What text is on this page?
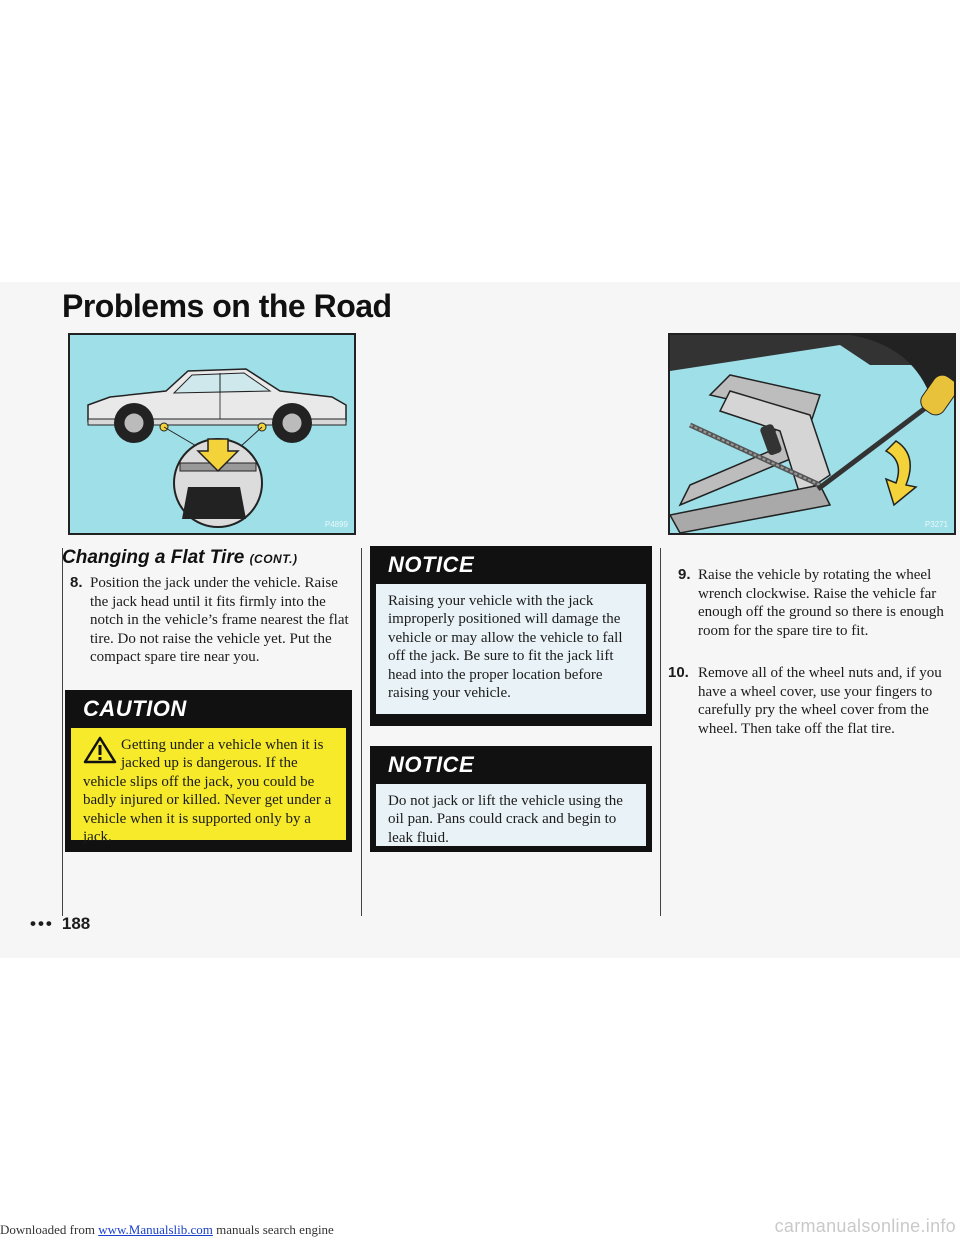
Problems on the Road
P4899	P3271
Changing a Flat Tire (CONT.)
8. Position the jack under the vehicle. Raise the jack head until it fits firmly into the notch in the vehicle’s frame nearest the flat tire. Do not raise the vehicle yet. Put the compact spare tire near you.
CAUTION
Getting under a vehicle when it is jacked up is dangerous. If the vehicle slips off the jack, you could be badly injured or killed. Never get under a vehicle when it is supported only by a jack.
NOTICE
Raising your vehicle with the jack improperly positioned will damage the vehicle or may allow the vehicle to fall off the jack. Be sure to fit the jack lift head into the proper location before raising your vehicle.
NOTICE
Do not jack or lift the vehicle using the oil pan. Pans could crack and begin to leak fluid.
9. Raise the vehicle by rotating the wheel wrench clockwise. Raise the vehicle far enough off the ground so there is enough room for the spare tire to fit.
10. Remove all of the wheel nuts and, if you have a wheel cover, use your fingers to carefully pry the wheel cover from the wheel. Then take off the flat tire.
••• 188
Downloaded from www.Manualslib.com manuals search engine	carmanualsonline.info
